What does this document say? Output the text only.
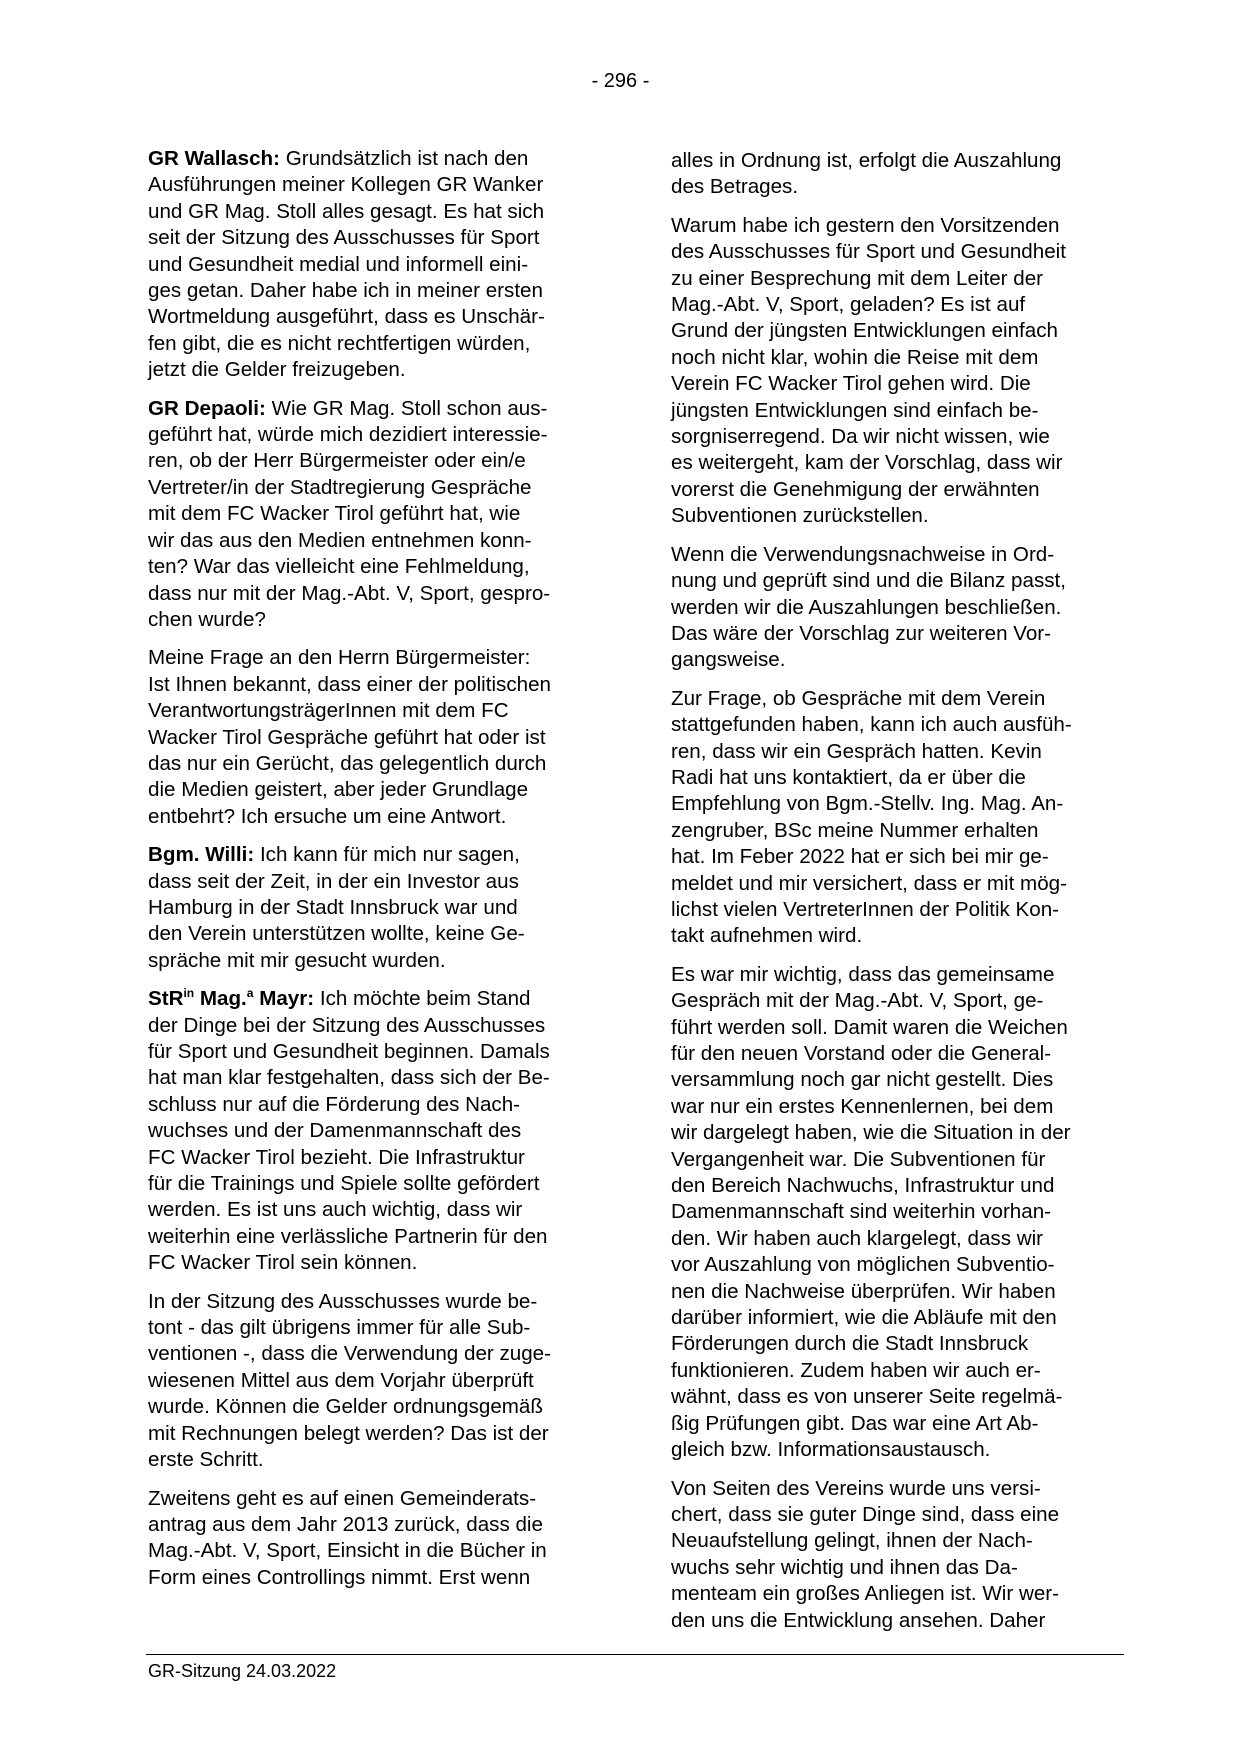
- 296 -

GR Wallasch: Grundsätzlich ist nach den
Ausführungen meiner Kollegen GR Wanker
und GR Mag. Stoll alles gesagt. Es hat sich
seit der Sitzung des Ausschusses für Sport
und Gesundheit medial und informell eini-
ges getan. Daher habe ich in meiner ersten
Wortmeldung ausgeführt, dass es Unschär-
fen gibt, die es nicht rechtfertigen würden,
jetzt die Gelder freizugeben.

GR Depaoli: Wie GR Mag. Stoll schon aus-
geführt hat, würde mich dezidiert interessie-
ren, ob der Herr Bürgermeister oder ein/e
Vertreter/in der Stadtregierung Gespräche
mit dem FC Wacker Tirol geführt hat, wie
wir das aus den Medien entnehmen konn-
ten? War das vielleicht eine Fehlmeldung,
dass nur mit der Mag.-Abt. V, Sport, gespro-
chen wurde?

Meine Frage an den Herrn Bürgermeister:
Ist Ihnen bekannt, dass einer der politischen
VerantwortungsträgerInnen mit dem FC
Wacker Tirol Gespräche geführt hat oder ist
das nur ein Gerücht, das gelegentlich durch
die Medien geistert, aber jeder Grundlage
entbehrt? Ich ersuche um eine Antwort.

Bgm. Willi: Ich kann für mich nur sagen,
dass seit der Zeit, in der ein Investor aus
Hamburg in der Stadt Innsbruck war und
den Verein unterstützen wollte, keine Ge-
spräche mit mir gesucht wurden.

StR$^{in}$ Mag.$^a$ Mayr: Ich möchte beim Stand
der Dinge bei der Sitzung des Ausschusses
für Sport und Gesundheit beginnen. Damals
hat man klar festgehalten, dass sich der Be-
schluss nur auf die Förderung des Nach-
wuchses und der Damenmannschaft des
FC Wacker Tirol bezieht. Die Infrastruktur
für die Trainings und Spiele sollte gefördert
werden. Es ist uns auch wichtig, dass wir
weiterhin eine verlässliche Partnerin für den
FC Wacker Tirol sein können.

In der Sitzung des Ausschusses wurde be-
tont - das gilt übrigens immer für alle Sub-
ventionen -, dass die Verwendung der zuge-
wiesenen Mittel aus dem Vorjahr überprüft
wurde. Können die Gelder ordnungsgemäß
mit Rechnungen belegt werden? Das ist der
erste Schritt.

Zweitens geht es auf einen Gemeinderats-
antrag aus dem Jahr 2013 zurück, dass die
Mag.-Abt. V, Sport, Einsicht in die Bücher in
Form eines Controllings nimmt. Erst wenn

alles in Ordnung ist, erfolgt die Auszahlung
des Betrages.

Warum habe ich gestern den Vorsitzenden
des Ausschusses für Sport und Gesundheit
zu einer Besprechung mit dem Leiter der
Mag.-Abt. V, Sport, geladen? Es ist auf
Grund der jüngsten Entwicklungen einfach
noch nicht klar, wohin die Reise mit dem
Verein FC Wacker Tirol gehen wird. Die
jüngsten Entwicklungen sind einfach be-
sorgniserregend. Da wir nicht wissen, wie
es weitergeht, kam der Vorschlag, dass wir
vorerst die Genehmigung der erwähnten
Subventionen zurückstellen.

Wenn die Verwendungsnachweise in Ord-
nung und geprüft sind und die Bilanz passt,
werden wir die Auszahlungen beschließen.
Das wäre der Vorschlag zur weiteren Vor-
gangsweise.

Zur Frage, ob Gespräche mit dem Verein
stattgefunden haben, kann ich auch ausfüh-
ren, dass wir ein Gespräch hatten. Kevin
Radi hat uns kontaktiert, da er über die
Empfehlung von Bgm.-Stellv. Ing. Mag. An-
zengruber, BSc meine Nummer erhalten
hat. Im Feber 2022 hat er sich bei mir ge-
meldet und mir versichert, dass er mit mög-
lichst vielen VertreterInnen der Politik Kon-
takt aufnehmen wird.

Es war mir wichtig, dass das gemeinsame
Gespräch mit der Mag.-Abt. V, Sport, ge-
führt werden soll. Damit waren die Weichen
für den neuen Vorstand oder die General-
versammlung noch gar nicht gestellt. Dies
war nur ein erstes Kennenlernen, bei dem
wir dargelegt haben, wie die Situation in der
Vergangenheit war. Die Subventionen für
den Bereich Nachwuchs, Infrastruktur und
Damenmannschaft sind weiterhin vorhan-
den. Wir haben auch klargelegt, dass wir
vor Auszahlung von möglichen Subventio-
nen die Nachweise überprüfen. Wir haben
darüber informiert, wie die Abläufe mit den
Förderungen durch die Stadt Innsbruck
funktionieren. Zudem haben wir auch er-
wähnt, dass es von unserer Seite regelmä-
ßig Prüfungen gibt. Das war eine Art Ab-
gleich bzw. Informationsaustausch.

Von Seiten des Vereins wurde uns versi-
chert, dass sie guter Dinge sind, dass eine
Neuaufstellung gelingt, ihnen der Nach-
wuchs sehr wichtig und ihnen das Da-
menteam ein großes Anliegen ist. Wir wer-
den uns die Entwicklung ansehen. Daher

GR-Sitzung 24.03.2022
